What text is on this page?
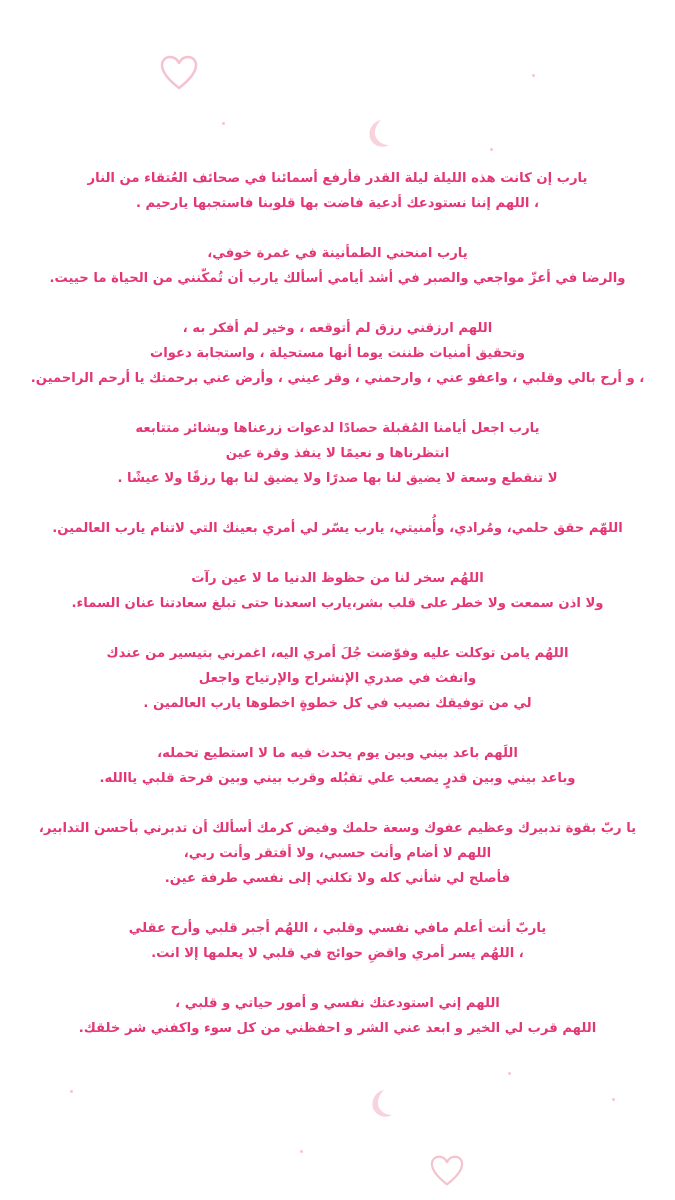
يارب إن كانت هذه الليلة ليلة القدر فأرفع أسمائنا في صحائف العُتقاء من النار
، اللهم إننا نستودعك أدعية فاضت بها قلوبنا فاستجبها يارحيم .
يارب امنحني الطمأنينة في غمرة خوفي،
والرضا في أعزّ مواجعي والصبر في أشد أيامي أسألك يارب أن تُمكّنني من الحياة ما حييت.
اللهم ارزقني رزق لم أتوقعه ، وخير لم أفكر به ،
وتحقيق أمنيات ظننت يوما أنها مستحيلة ، واستجابة دعوات
، و أرح بالي وقلبي ، واعفو عني ، وارحمني ، وقر عيني ، وأرض عني برحمتك يا أرحم الراحمين.
يارب اجعل أيامنا المُقبلة حصادًا لدعوات زرعناها وبشائر متتابعه
انتظرناها و نعيمًا لا ينفذ وقرة عين
لا تنقطع وسعة لا يضيق لنا بها صدرًا ولا يضيق لنا بها رزقًا ولا عيشًا .
اللهّم حقق حلمي، ومُرادي، وأُمنيتي، يارب يسّر لي أمري بعينك التي لاتنام يارب العالمين.
اللهُم سخر لنا من حظوظ الدنيا ما لا عين رآت
ولا اذن سمعت ولا خطر على قلب بشر،يارب اسعدنا حتى تبلغ سعادتنا عنان السماء.
اللهُم يامن توكلت عليه وفوّضت جُلَ أمري اليه، اغمرني بتيسير من عندك
وانفث في صدري الإنشراح والإرتياح واجعل
لي من توفيقك نصيب في كل خطوةٍ اخطوها يارب العالمين .
اللَهم باعد بيني وبين يوم يحدث فيه ما لا استطيع تحمله،
وباعد بيني وبين قدرٍ يصعب علي تقبُله وقرب بيني وبين فرحة قلبي ياالله.
يا ربّ بقوة تدبيرك وعظيم عفوك وسعة حلمك وفيض كرمك أسألك أن تدبرني بأحسن التدابير،
اللهم لا أضام وأنت حسبي، ولا أفتقر وأنت ربي،
فأصلح لي شأني كله ولا تكلني إلى نفسي طرفة عين.
ياربّ أنت أعلم مافي نفسي وقلبي ، اللهُم أجبر قلبي وأرح عقلي
، اللهُم يسر أمري واقضِ حوائج في قلبي لا يعلمها إلا انت.
اللهم إني استودعتك نفسي و أمور حياتي و قلبي ،
اللهم قرب لي الخير و ابعد عني الشر و احفظني من كل سوء واكفني شر خلقك.
